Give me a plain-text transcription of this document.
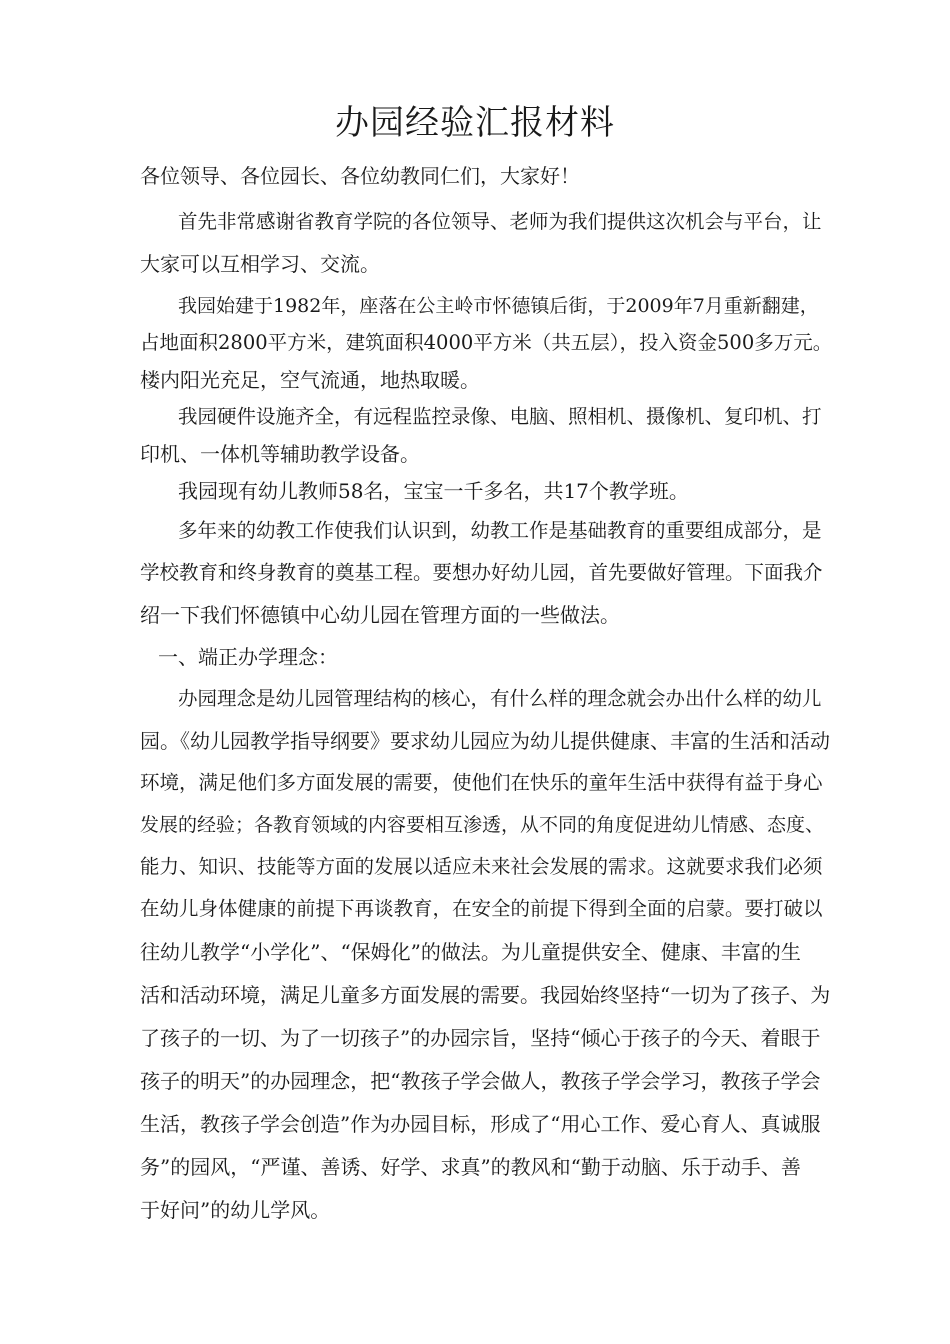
办园经验汇报材料

各位领导、各位园长、各位幼教同仁们，大家好！

首先非常感谢省教育学院的各位领导、老师为我们提供这次机会与平台，让

大家可以互相学习、交流。

我园始建于1982年，座落在公主岭市怀德镇后街，于2009年7月重新翻建，

占地面积2800平方米，建筑面积4000平方米（共五层），投入资金500多万元。

楼内阳光充足，空气流通，地热取暖。

我园硬件设施齐全，有远程监控录像、电脑、照相机、摄像机、复印机、打

印机、一体机等辅助教学设备。

我园现有幼儿教师58名，宝宝一千多名，共17个教学班。

多年来的幼教工作使我们认识到，幼教工作是基础教育的重要组成部分，是

学校教育和终身教育的奠基工程。要想办好幼儿园，首先要做好管理。下面我介

绍一下我们怀德镇中心幼儿园在管理方面的一些做法。

一、端正办学理念：

办园理念是幼儿园管理结构的核心，有什么样的理念就会办出什么样的幼儿

园。《幼儿园教学指导纲要》要求幼儿园应为幼儿提供健康、丰富的生活和活动

环境，满足他们多方面发展的需要，使他们在快乐的童年生活中获得有益于身心

发展的经验；各教育领域的内容要相互渗透，从不同的角度促进幼儿情感、态度、

能力、知识、技能等方面的发展以适应未来社会发展的需求。这就要求我们必须

在幼儿身体健康的前提下再谈教育，在安全的前提下得到全面的启蒙。要打破以

往幼儿教学“小学化”、“保姆化”的做法。为儿童提供安全、健康、丰富的生

活和活动环境，满足儿童多方面发展的需要。我园始终坚持“一切为了孩子、为

了孩子的一切、为了一切孩子”的办园宗旨，坚持“倾心于孩子的今天、着眼于

孩子的明天”的办园理念，把“教孩子学会做人，教孩子学会学习，教孩子学会

生活，教孩子学会创造”作为办园目标，形成了“用心工作、爱心育人、真诚服

务”的园风，“严谨、善诱、好学、求真”的教风和“勤于动脑、乐于动手、善

于好问”的幼儿学风。
